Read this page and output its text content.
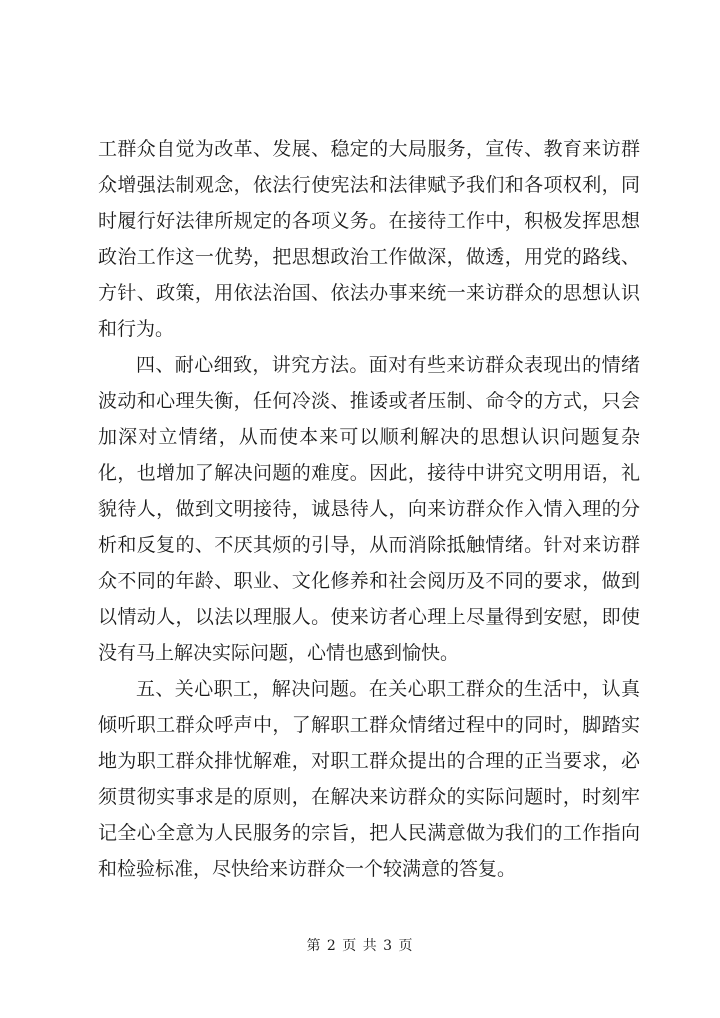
工群众自觉为改革、发展、稳定的大局服务，宣传、教育来访群众增强法制观念，依法行使宪法和法律赋予我们和各项权利，同时履行好法律所规定的各项义务。在接待工作中，积极发挥思想政治工作这一优势，把思想政治工作做深，做透，用党的路线、方针、政策，用依法治国、依法办事来统一来访群众的思想认识和行为。

四、耐心细致，讲究方法。面对有些来访群众表现出的情绪波动和心理失衡，任何冷淡、推诿或者压制、命令的方式，只会加深对立情绪，从而使本来可以顺利解决的思想认识问题复杂化，也增加了解决问题的难度。因此，接待中讲究文明用语，礼貌待人，做到文明接待，诚恳待人，向来访群众作入情入理的分析和反复的、不厌其烦的引导，从而消除抵触情绪。针对来访群众不同的年龄、职业、文化修养和社会阅历及不同的要求，做到以情动人，以法以理服人。使来访者心理上尽量得到安慰，即使没有马上解决实际问题，心情也感到愉快。

五、关心职工，解决问题。在关心职工群众的生活中，认真倾听职工群众呼声中，了解职工群众情绪过程中的同时，脚踏实地为职工群众排忧解难，对职工群众提出的合理的正当要求，必须贯彻实事求是的原则，在解决来访群众的实际问题时，时刻牢记全心全意为人民服务的宗旨，把人民满意做为我们的工作指向和检验标准，尽快给来访群众一个较满意的答复。

第 2 页 共 3 页
